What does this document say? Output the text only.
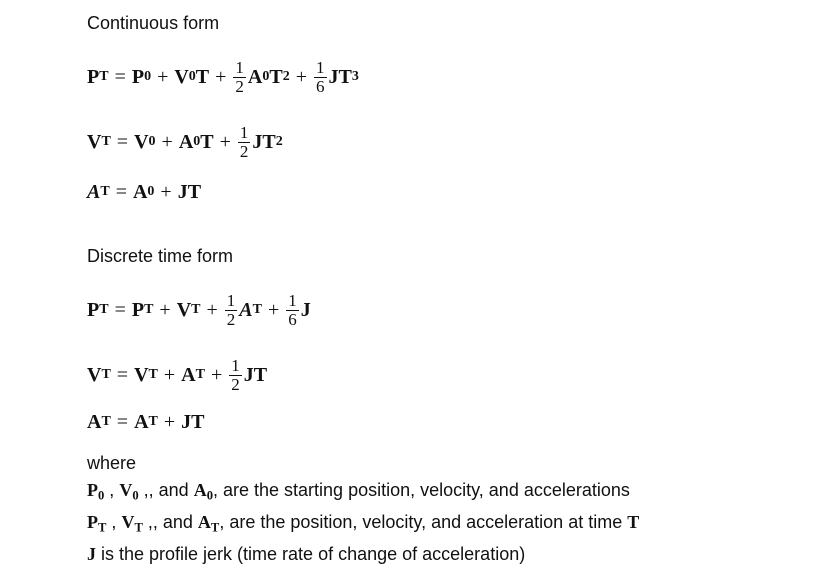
Continuous form
P T = P 0 + V 0 $T + \frac{1}{2}$ A 0 T $2 + \frac{1}{6}$ JT 3
V T = V 0 + A 0 $T + \frac{1}{2}$ JT 2
A T = A 0 + JT
Discrete time form
P T = P T + V $T + \frac{1}{2}$ A $T + \frac{1}{6}$ J
V T = V T + A $T + \frac{1}{2}$ JT
A T = A T + JT
where
P0 , V0 ,, and A0, are the starting position, velocity, and accelerations
PT , VT ,, and AT, are the position, velocity, and acceleration at time T
J is the profile jerk (time rate of change of acceleration)
